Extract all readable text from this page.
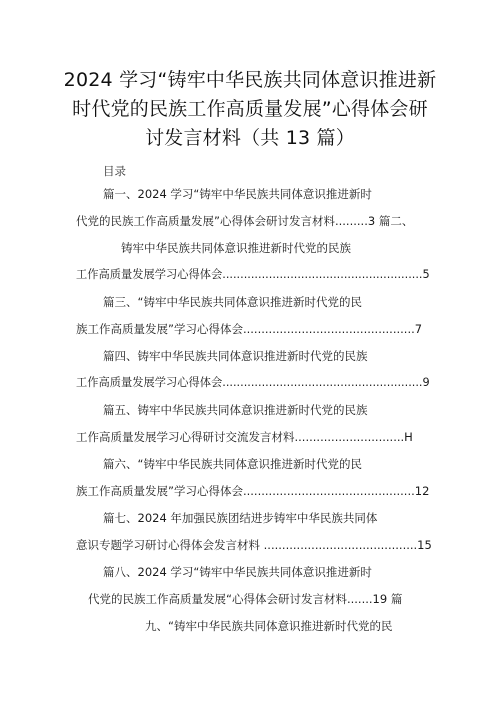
2024 学习“铸牢中华民族共同体意识推进新
时代党的民族工作高质量发展”心得体会研
讨发言材料（共 13 篇）
目录
篇一、2024 学习“铸牢中华民族共同体意识推进新时
代党的民族工作高质量发展”心得体会研讨发言材料.........3 篇二、
铸牢中华民族共同体意识推进新时代党的民族
工作高质量发展学习心得体会........................................................5
篇三、“铸牢中华民族共同体意识推进新时代党的民
族工作高质量发展”学习心得体会...............................................7
篇四、铸牢中华民族共同体意识推进新时代党的民族
工作高质量发展学习心得体会........................................................9
篇五、铸牢中华民族共同体意识推进新时代党的民族
工作高质量发展学习心得研讨交流发言材料..............................H
篇六、“铸牢中华民族共同体意识推进新时代党的民
族工作高质量发展”学习心得体会...............................................12
篇七、2024 年加强民族团结进步铸牢中华民族共同体
意识专题学习研讨心得体会发言材料 ..........................................15
篇八、2024 学习“铸牢中华民族共同体意识推进新时
代党的民族工作高质量发展“心得体会研讨发言材料.......19 篇
九、“铸牢中华民族共同体意识推进新时代党的民
